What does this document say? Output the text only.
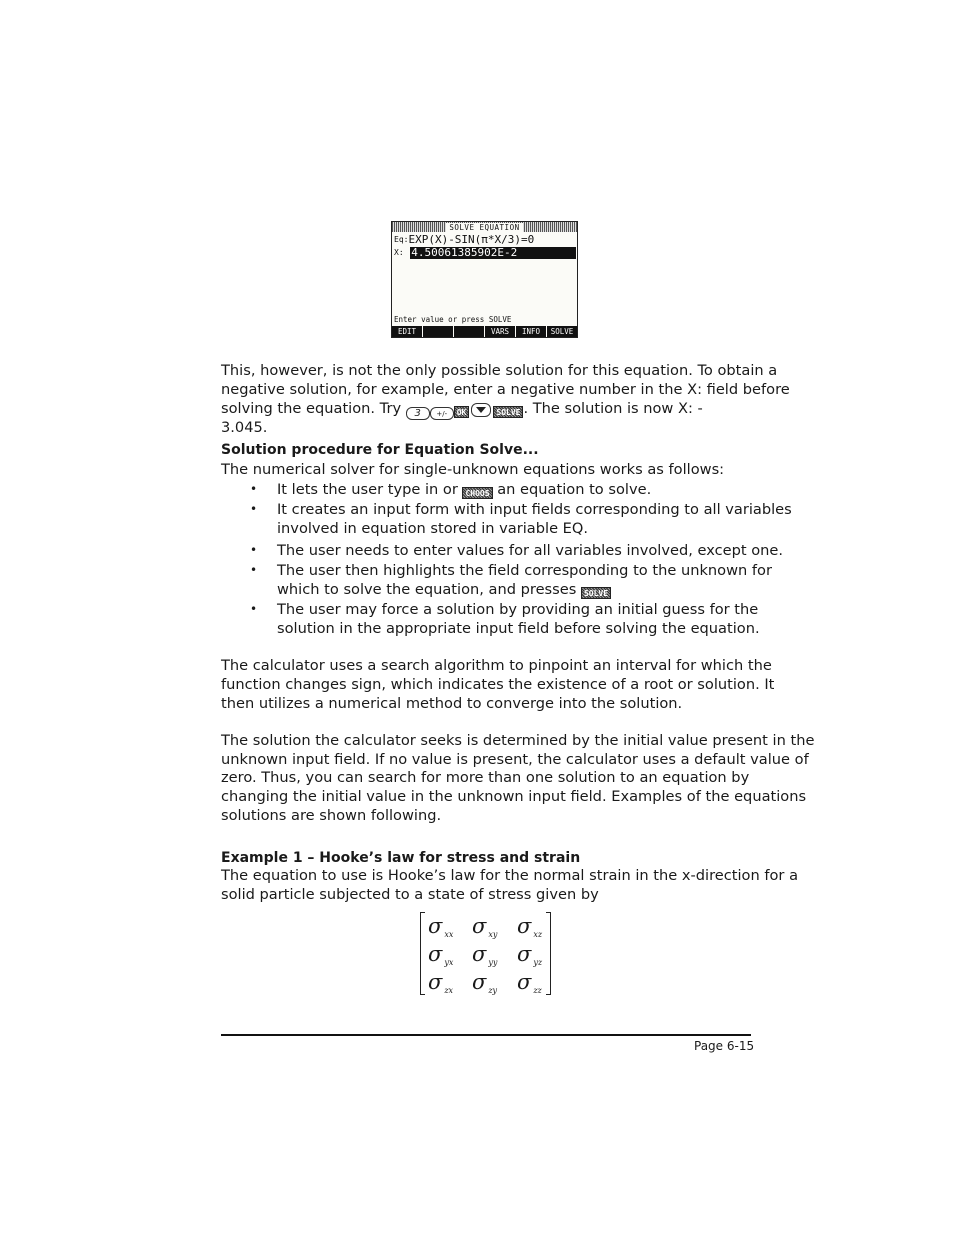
SOLVE EQUATION
Eq:EXP(X)-SIN(π*X/3)=0
X: 4.50061385902E-2
Enter value or press SOLVE
EDIT	VARS	INFO	SOLVE
This, however, is not the only possible solution for this equation. To obtain a
negative solution, for example, enter a negative number in the X: field before
solving the equation. Try 3 +/- OK	SOLVE . The solution is now X: -
3.045.
Solution procedure for Equation Solve...
The numerical solver for single-unknown equations works as follows:
• It lets the user type in or CHOOS an equation to solve.
• It creates an input form with input fields corresponding to all variables
involved in equation stored in variable EQ.
• The user needs to enter values for all variables involved, except one.
• The user then highlights the field corresponding to the unknown for
which to solve the equation, and presses SOLVE
• The user may force a solution by providing an initial guess for the
solution in the appropriate input field before solving the equation.
The calculator uses a search algorithm to pinpoint an interval for which the
function changes sign, which indicates the existence of a root or solution. It
then utilizes a numerical method to converge into the solution.
The solution the calculator seeks is determined by the initial value present in the
unknown input field. If no value is present, the calculator uses a default value of
zero. Thus, you can search for more than one solution to an equation by
changing the initial value in the unknown input field. Examples of the equations
solutions are shown following.
Example 1 – Hooke’s law for stress and strain
The equation to use is Hooke’s law for the normal strain in the x-direction for a
solid particle subjected to a state of stress given by
σ $_{xx}$ σ $_{xy}$ σ $_{xz}$
σ $_{yx}$ σ $_{yy}$ σ $_{yz}$
σ $_{zx}$ σ $_{zy}$ σ $_{zz}$
Page 6-15
